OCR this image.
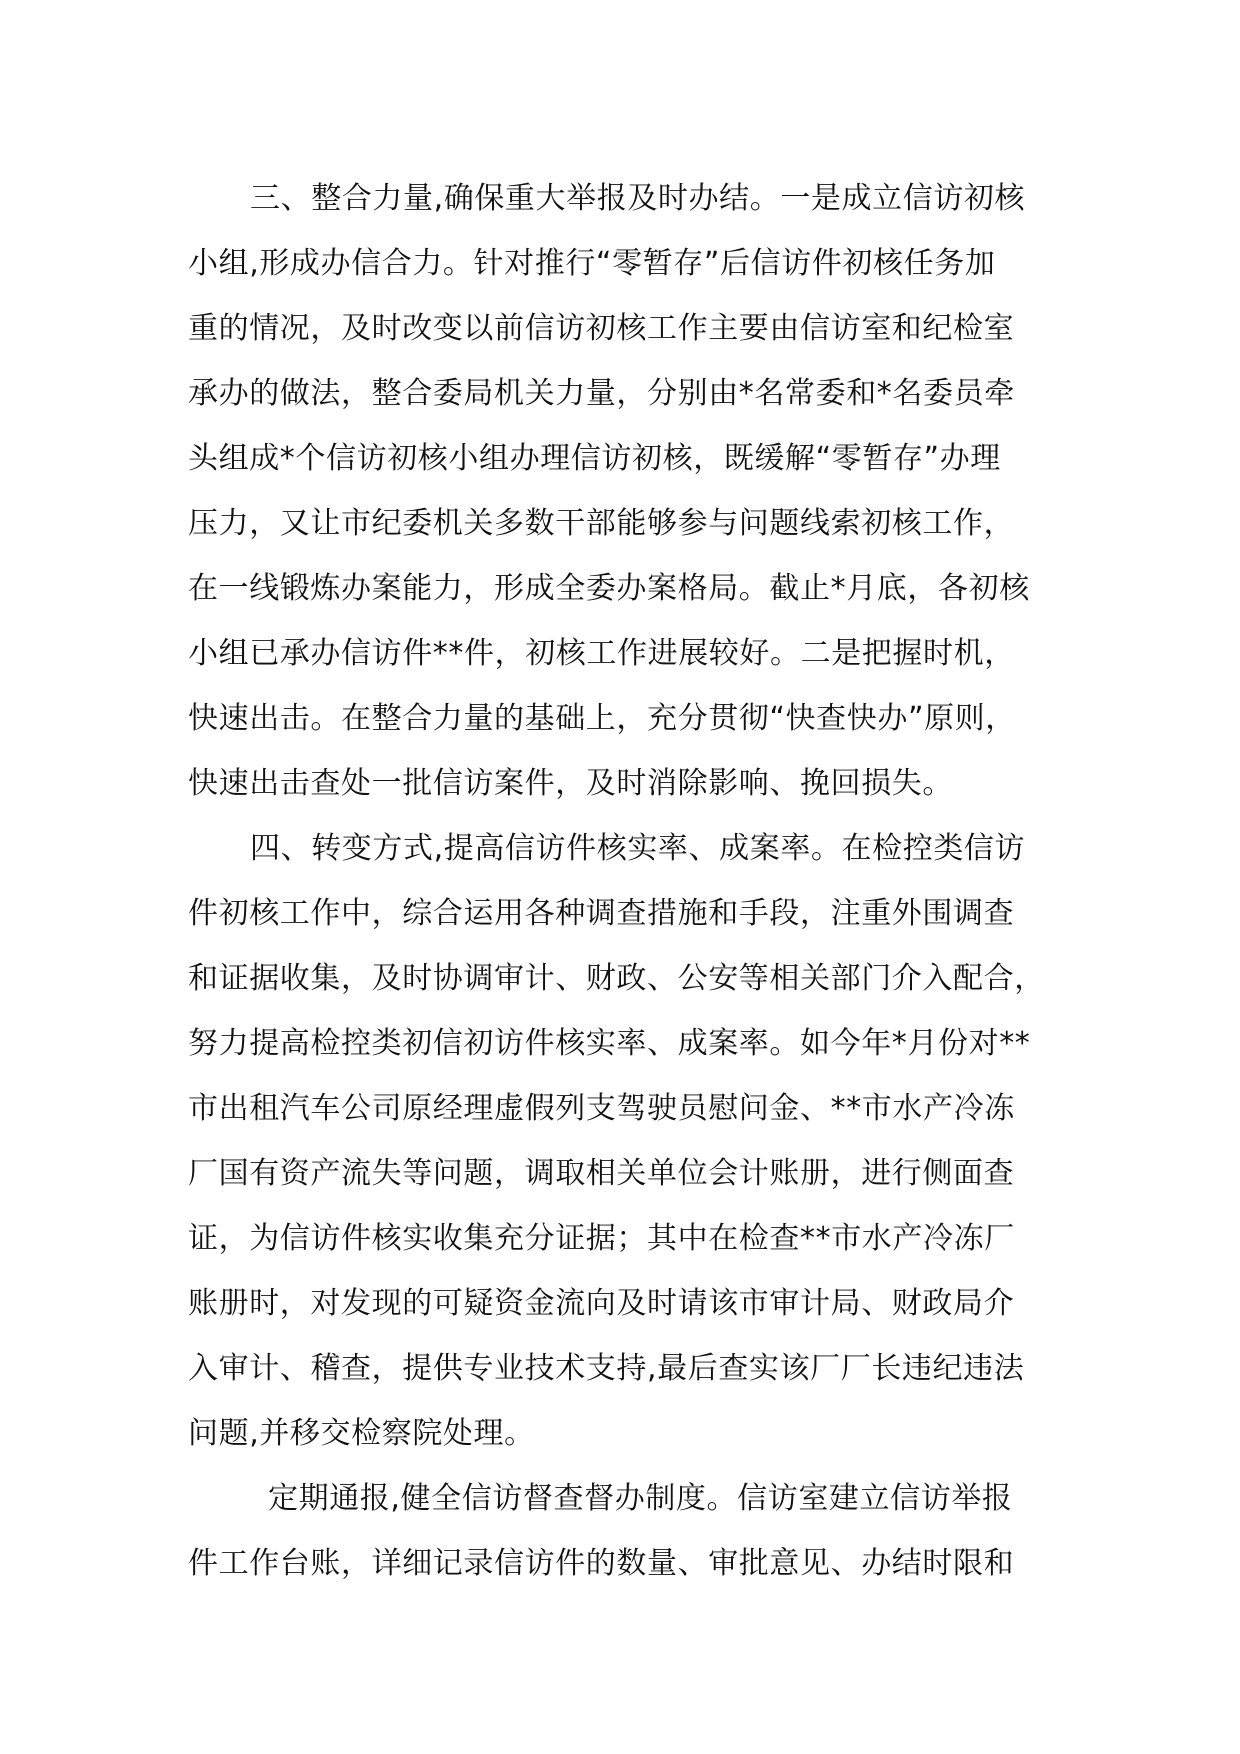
三、整合力量,确保重大举报及时办结。一是成立信访初核
小组,形成办信合力。针对推行“零暂存”后信访件初核任务加
重的情况，及时改变以前信访初核工作主要由信访室和纪检室
承办的做法，整合委局机关力量，分别由*名常委和*名委员牵
头组成*个信访初核小组办理信访初核，既缓解“零暂存”办理
压力，又让市纪委机关多数干部能够参与问题线索初核工作，
在一线锻炼办案能力，形成全委办案格局。截止*月底，各初核
小组已承办信访件**件，初核工作进展较好。二是把握时机，
快速出击。在整合力量的基础上，充分贯彻“快查快办”原则，
快速出击查处一批信访案件，及时消除影响、挽回损失。
四、转变方式,提高信访件核实率、成案率。在检控类信访
件初核工作中，综合运用各种调查措施和手段，注重外围调查
和证据收集，及时协调审计、财政、公安等相关部门介入配合，
努力提高检控类初信初访件核实率、成案率。如今年*月份对**
市出租汽车公司原经理虚假列支驾驶员慰问金、**市水产冷冻
厂国有资产流失等问题，调取相关单位会计账册，进行侧面查
证，为信访件核实收集充分证据；其中在检查**市水产冷冻厂
账册时，对发现的可疑资金流向及时请该市审计局、财政局介
入审计、稽查，提供专业技术支持,最后查实该厂厂长违纪违法
问题,并移交检察院处理。
定期通报,健全信访督查督办制度。信访室建立信访举报
件工作台账，详细记录信访件的数量、审批意见、办结时限和
